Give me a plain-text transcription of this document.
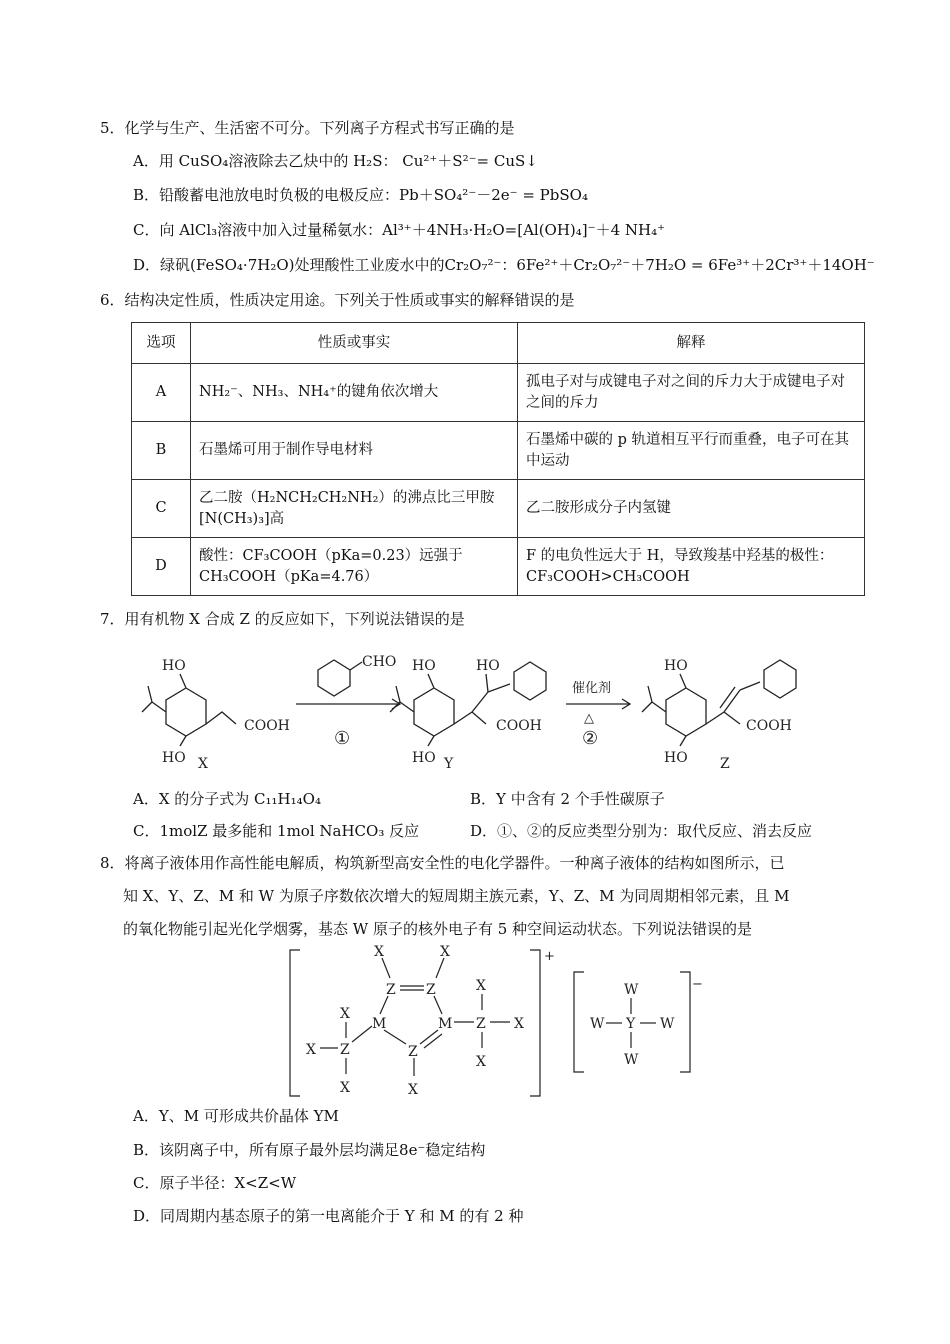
5．化学与生产、生活密不可分。下列离子方程式书写正确的是
A．用 CuSO₄溶液除去乙炔中的 H₂S： Cu²⁺＋S²⁻= CuS↓
B．铅酸蓄电池放电时负极的电极反应：Pb＋SO₄²⁻－2e⁻ = PbSO₄
C．向 AlCl₃溶液中加入过量稀氨水：Al³⁺＋4NH₃·H₂O=[Al(OH)₄]⁻＋4 NH₄⁺
D．绿矾(FeSO₄·7H₂O)处理酸性工业废水中的Cr₂O₇²⁻：6Fe²⁺＋Cr₂O₇²⁻＋7H₂O = 6Fe³⁺＋2Cr³⁺＋14OH⁻
6．结构决定性质，性质决定用途。下列关于性质或事实的解释错误的是
选项	性质或事实	解释
A	NH₂⁻、NH₃、NH₄⁺的键角依次增大	孤电子对与成键电子对之间的斥力大于成键电子对之间的斥力
B	石墨烯可用于制作导电材料	石墨烯中碳的 p 轨道相互平行而重叠，电子可在其中运动
C	乙二胺（H₂NCH₂CH₂NH₂）的沸点比三甲胺[N(CH₃)₃]高	乙二胺形成分子内氢键
D	酸性：CF₃COOH（pKa=0.23）远强于CH₃COOH（pKa=4.76）	F 的电负性远大于 H，导致羧基中羟基的极性：CF₃COOH>CH₃COOH
7．用有机物 X 合成 Z 的反应如下，下列说法错误的是
HO
HO
COOH
X
CHO
①
HO	HO
HO
COOH
Y
催化剂
△
②
HO
HO
COOH
Z
A．X 的分子式为 C₁₁H₁₄O₄	B．Y 中含有 2 个手性碳原子
C．1molZ 最多能和 1mol NaHCO₃ 反应	D．①、②的反应类型分别为：取代反应、消去反应
8．将离子液体用作高性能电解质，构筑新型高安全性的电化学器件。一种离子液体的结构如图所示，已
知 X、Y、Z、M 和 W 为原子序数依次增大的短周期主族元素，Y、Z、M 为同周期相邻元素，且 M
的氧化物能引起光化学烟雾，基态 W 原子的核外电子有 5 种空间运动状态。下列说法错误的是
+
Z Z
X	X
M	M
Z
X
Z
X
X
X
Z
X
X
X
−
Y
W
W
W	W
A．Y、M 可形成共价晶体 YM
B．该阴离子中，所有原子最外层均满足8e⁻稳定结构
C．原子半径：X<Z<W
D．同周期内基态原子的第一电离能介于 Y 和 M 的有 2 种
